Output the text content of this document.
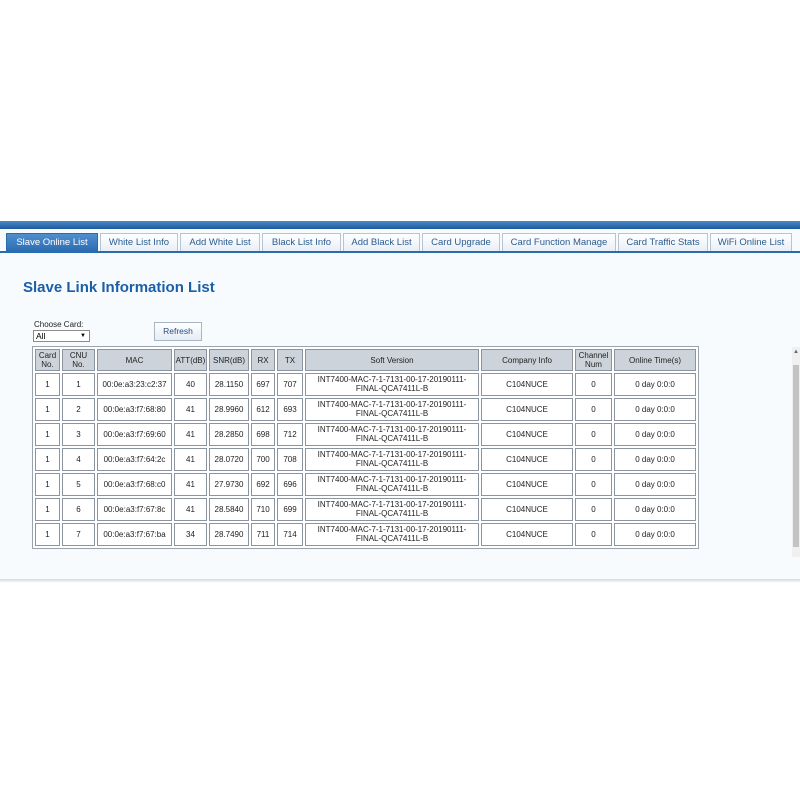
Slave Online List	White List Info	Add White List	Black List Info	Add Black List	Card Upgrade	Card Function Manage	Card Traffic Stats	WiFi Online List
Slave Link Information List
Choose Card:
All	▼	Refresh
Card No.	CNU No.	MAC	ATT(dB)	SNR(dB)	RX	TX	Soft Version	Company Info	Channel Num	Online Time(s)
1	1	00:0e:a3:23:c2:37	40	28.1150	697	707	INT7400-MAC-7-1-7131-00-17-20190111-FINAL-QCA7411L-B	C104NUCE	0	0 day 0:0:0
1	2	00:0e:a3:f7:68:80	41	28.9960	612	693	INT7400-MAC-7-1-7131-00-17-20190111-FINAL-QCA7411L-B	C104NUCE	0	0 day 0:0:0
1	3	00:0e:a3:f7:69:60	41	28.2850	698	712	INT7400-MAC-7-1-7131-00-17-20190111-FINAL-QCA7411L-B	C104NUCE	0	0 day 0:0:0
1	4	00:0e:a3:f7:64:2c	41	28.0720	700	708	INT7400-MAC-7-1-7131-00-17-20190111-FINAL-QCA7411L-B	C104NUCE	0	0 day 0:0:0
1	5	00:0e:a3:f7:68:c0	41	27.9730	692	696	INT7400-MAC-7-1-7131-00-17-20190111-FINAL-QCA7411L-B	C104NUCE	0	0 day 0:0:0
1	6	00:0e:a3:f7:67:8c	41	28.5840	710	699	INT7400-MAC-7-1-7131-00-17-20190111-FINAL-QCA7411L-B	C104NUCE	0	0 day 0:0:0
1	7	00:0e:a3:f7:67:ba	34	28.7490	711	714	INT7400-MAC-7-1-7131-00-17-20190111-FINAL-QCA7411L-B	C104NUCE	0	0 day 0:0:0
▲
